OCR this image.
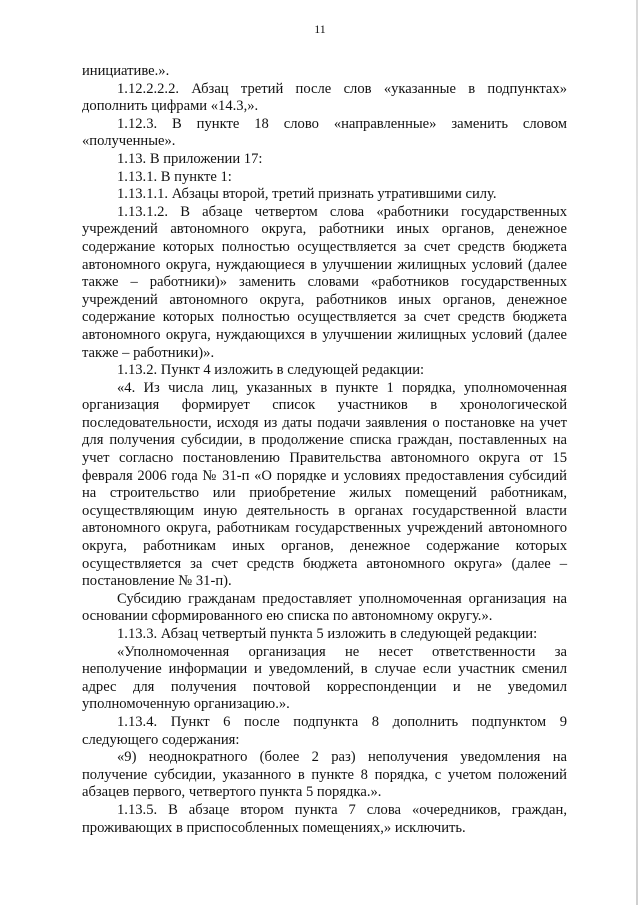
11

инициативе.».

1.12.2.2.2. Абзац третий после слов «указанные в подпунктах» дополнить цифрами «14.3,».

1.12.3. В пункте 18 слово «направленные» заменить словом «полученные».

1.13. В приложении 17:

1.13.1. В пункте 1:

1.13.1.1. Абзацы второй, третий признать утратившими силу.

1.13.1.2. В абзаце четвертом слова «работники государственных учреждений автономного округа, работники иных органов, денежное содержание которых полностью осуществляется за счет средств бюджета автономного округа, нуждающиеся в улучшении жилищных условий (далее также – работники)» заменить словами «работников государственных учреждений автономного округа, работников иных органов, денежное содержание которых полностью осуществляется за счет средств бюджета автономного округа, нуждающихся в улучшении жилищных условий (далее также – работники)».

1.13.2. Пункт 4 изложить в следующей редакции:

«4. Из числа лиц, указанных в пункте 1 порядка, уполномоченная организация формирует список участников в хронологической последовательности, исходя из даты подачи заявления о постановке на учет для получения субсидии, в продолжение списка граждан, поставленных на учет согласно постановлению Правительства автономного округа от 15 февраля 2006 года № 31-п «О порядке и условиях предоставления субсидий на строительство или приобретение жилых помещений работникам, осуществляющим иную деятельность в органах государственной власти автономного округа, работникам государственных учреждений автономного округа, работникам иных органов, денежное содержание которых осуществляется за счет средств бюджета автономного округа» (далее – постановление № 31-п).

Субсидию гражданам предоставляет уполномоченная организация на основании сформированного ею списка по автономному округу.».

1.13.3. Абзац четвертый пункта 5 изложить в следующей редакции:

«Уполномоченная организация не несет ответственности за неполучение информации и уведомлений, в случае если участник сменил адрес для получения почтовой корреспонденции и не уведомил уполномоченную организацию.».

1.13.4. Пункт 6 после подпункта 8 дополнить подпунктом 9 следующего содержания:

«9) неоднократного (более 2 раз) неполучения уведомления на получение субсидии, указанного в пункте 8 порядка, с учетом положений абзацев первого, четвертого пункта 5 порядка.».

1.13.5. В абзаце втором пункта 7 слова «очередников, граждан, проживающих в приспособленных помещениях,» исключить.
